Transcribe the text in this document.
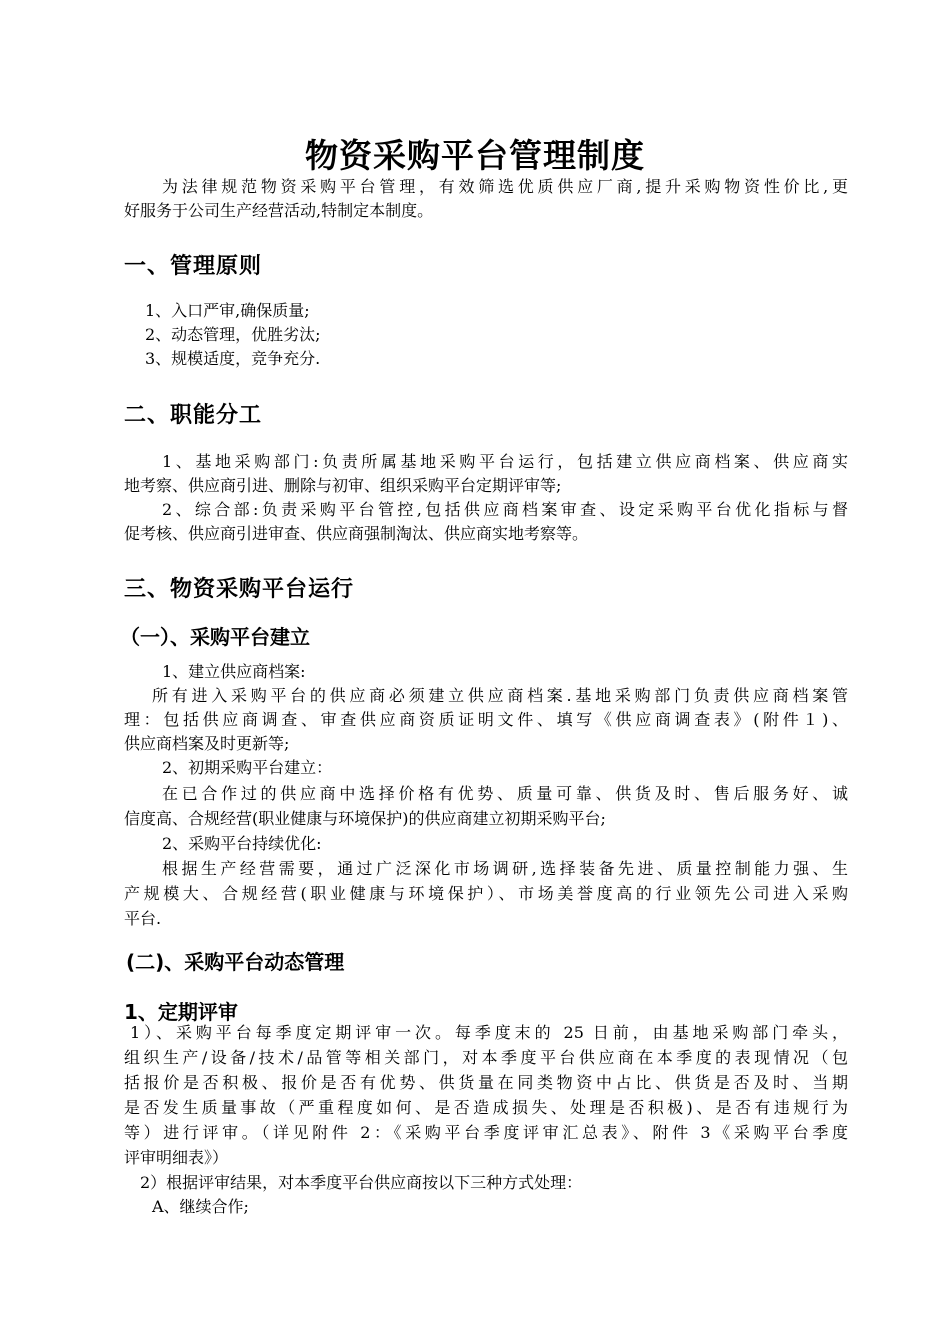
物资采购平台管理制度
为法律规范物资采购平台管理，有效筛选优质供应厂商,提升采购物资性价比,更
好服务于公司生产经营活动,特制定本制度。
一、管理原则
1、入口严审,确保质量;
2、动态管理，优胜劣汰;
3、规模适度，竞争充分.
二、职能分工
1、基地采购部门:负责所属基地采购平台运行，包括建立供应商档案、供应商实
地考察、供应商引进、删除与初审、组织采购平台定期评审等;
2、综合部:负责采购平台管控,包括供应商档案审查、设定采购平台优化指标与督
促考核、供应商引进审查、供应商强制淘汰、供应商实地考察等。
三、物资采购平台运行
（一）、采购平台建立
1、建立供应商档案:
所有进入采购平台的供应商必须建立供应商档案.基地采购部门负责供应商档案管
理：包括供应商调查、审查供应商资质证明文件、填写《供应商调查表》(附件１)、
供应商档案及时更新等;
2、初期采购平台建立：
在已合作过的供应商中选择价格有优势、质量可靠、供货及时、售后服务好、诚
信度高、合规经营(职业健康与环境保护)的供应商建立初期采购平台;
2、采购平台持续优化:
根据生产经营需要，通过广泛深化市场调研,选择装备先进、质量控制能力强、生
产规模大、合规经营(职业健康与环境保护）、市场美誉度高的行业领先公司进入采购
平台.
(二)、采购平台动态管理
1、定期评审
1）、采购平台每季度定期评审一次。每季度末的 25 日前，由基地采购部门牵头，
组织生产/设备/技术/品管等相关部门，对本季度平台供应商在本季度的表现情况（包
括报价是否积极、报价是否有优势、供货量在同类物资中占比、供货是否及时、当期
是否发生质量事故（严重程度如何、是否造成损失、处理是否积极)、是否有违规行为
等）进行评审。（详见附件 2：《采购平台季度评审汇总表》、附件 3《采购平台季度
评审明细表》）
2）根据评审结果，对本季度平台供应商按以下三种方式处理：
A、继续合作;
